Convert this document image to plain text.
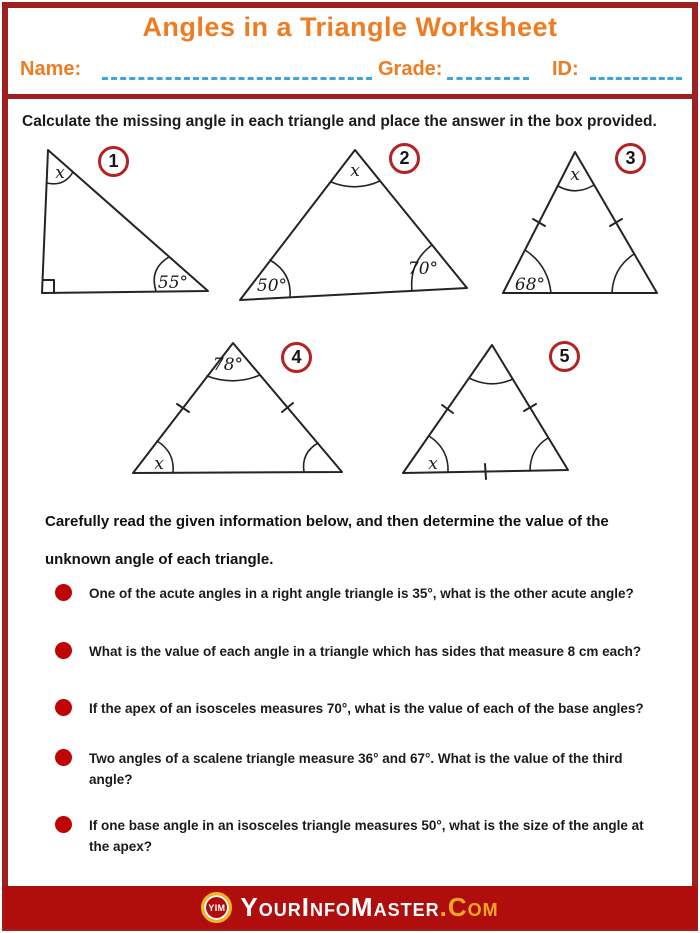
Angles in a Triangle Worksheet
Name:	Grade:	ID:
Calculate the missing angle in each triangle and place the answer in the box provided.
x
55°
1	x
50°
70°
2
x
68°
3
78°
x
4
x
5
Carefully read the given information below, and then determine the value of the
unknown angle of each triangle.
One of the acute angles in a right angle triangle is 35°, what is the other acute angle?
What is the value of each angle in a triangle which has sides that measure 8 cm each?
If the apex of an isosceles measures 70°, what is the value of each of the base angles?
Two angles of a scalene triangle measure 36° and 67°. What is the value of the third angle?
If one base angle in an isosceles triangle measures 50°, what is the size of the angle at the apex?
YIM YourInfoMaster.Com
